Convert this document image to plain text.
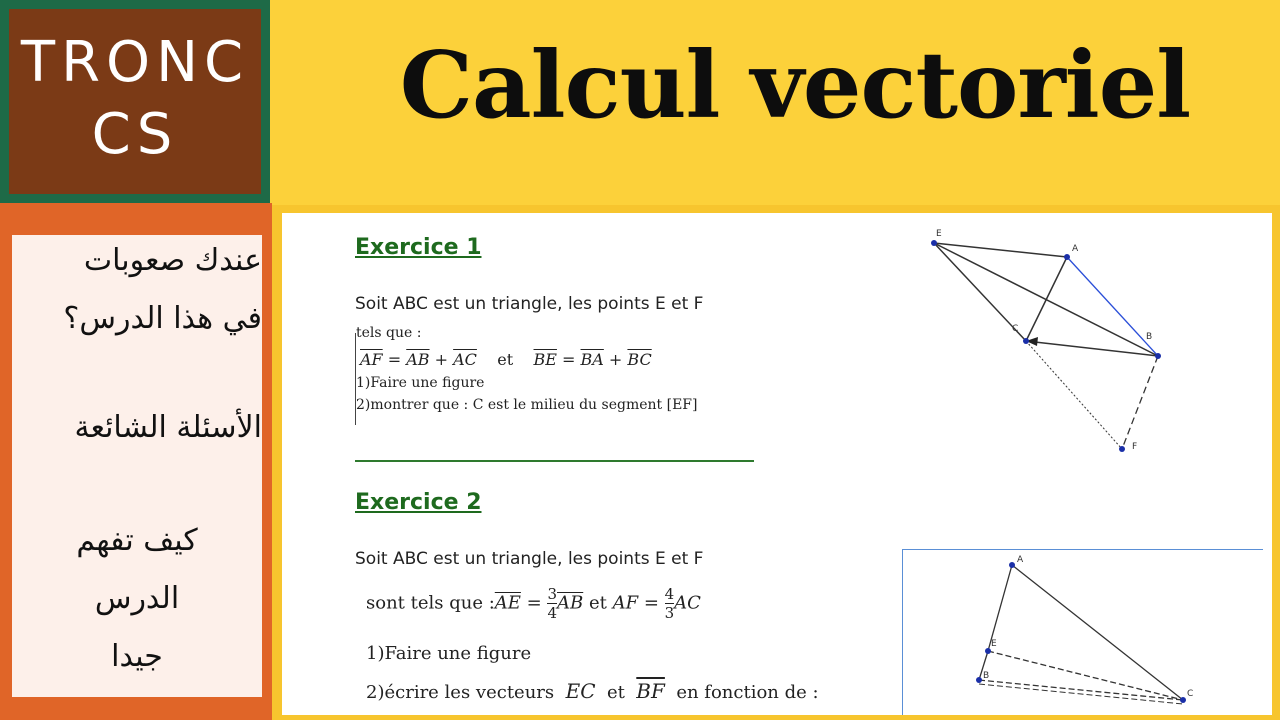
TRONC
CS	Calcul vectoriel
عندك صعوبات
في هذا الدرس؟
الأسئلة الشائعة
كيف تفهم
الدرس
جيدا
Exercice 1
Soit ABC est un triangle, les points E et F
tels que :
$\overline{AF} = \overline{AB} + \overline{AC}$ et $\overline{BE} = \overline{BA} + \overline{BC}$
1)Faire une figure
2)montrer que : C est le milieu du segment [EF]
E
A
C
B
F
Exercice 2
Soit ABC est un triangle, les points E et F
sont tels que $:\overline{AE} = \frac{3}{4} \overline{AB}$ et AF = $\frac{4}{3}$ AC
1)Faire une figure
2)écrire les vecteurs EC et $\overline{BF}$ en fonction de :
A
E
B
C
